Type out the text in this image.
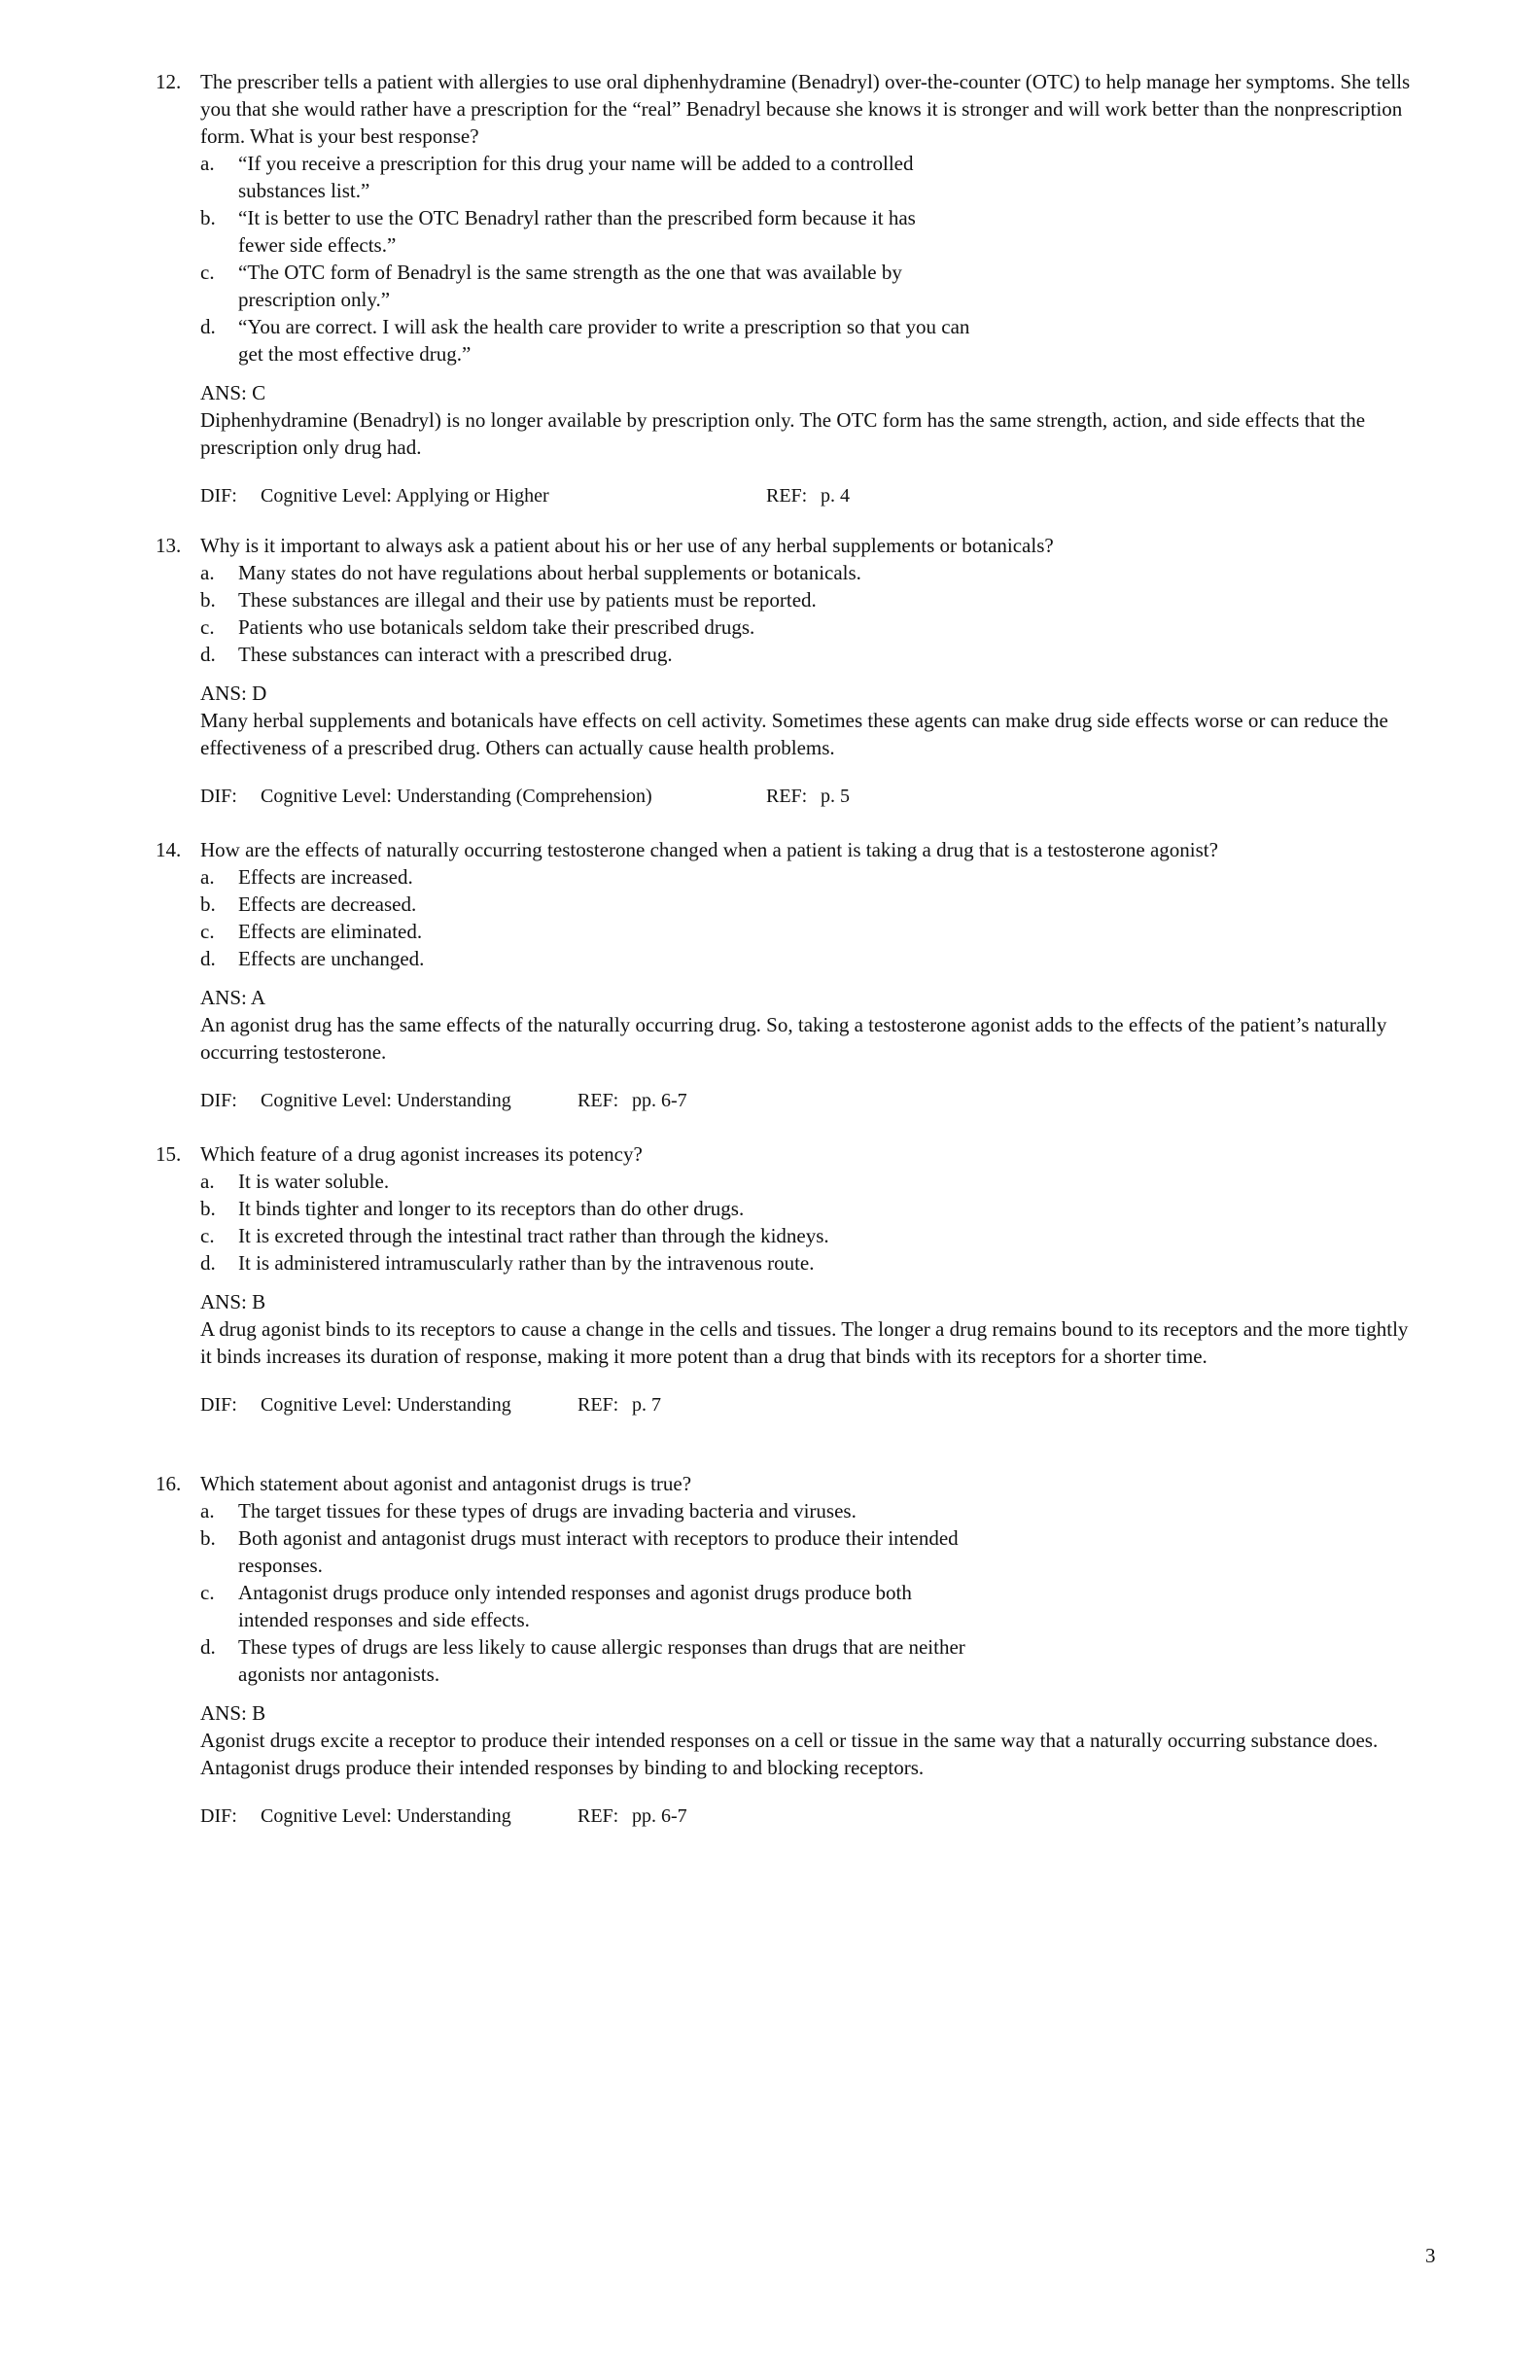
12. The prescriber tells a patient with allergies to use oral diphenhydramine (Benadryl) over-the-counter (OTC) to help manage her symptoms. She tells you that she would rather have a prescription for the “real” Benadryl because she knows it is stronger and will work better than the nonprescription form. What is your best response?
a. “If you receive a prescription for this drug your name will be added to a controlled substances list.”
b. “It is better to use the OTC Benadryl rather than the prescribed form because it has fewer side effects.”
c. “The OTC form of Benadryl is the same strength as the one that was available by prescription only.”
d. “You are correct. I will ask the health care provider to write a prescription so that you can get the most effective drug.”
ANS: C
Diphenhydramine (Benadryl) is no longer available by prescription only. The OTC form has the same strength, action, and side effects that the prescription only drug had.
DIF: Cognitive Level: Applying or Higher	REF: p. 4
13. Why is it important to always ask a patient about his or her use of any herbal supplements or botanicals?
a. Many states do not have regulations about herbal supplements or botanicals.
b. These substances are illegal and their use by patients must be reported.
c. Patients who use botanicals seldom take their prescribed drugs.
d. These substances can interact with a prescribed drug.
ANS: D
Many herbal supplements and botanicals have effects on cell activity. Sometimes these agents can make drug side effects worse or can reduce the effectiveness of a prescribed drug. Others can actually cause health problems.
DIF: Cognitive Level: Understanding (Comprehension)	REF: p. 5
14. How are the effects of naturally occurring testosterone changed when a patient is taking a drug that is a testosterone agonist?
a. Effects are increased.
b. Effects are decreased.
c. Effects are eliminated.
d. Effects are unchanged.
ANS: A
An agonist drug has the same effects of the naturally occurring drug. So, taking a testosterone agonist adds to the effects of the patient’s naturally occurring testosterone.
DIF: Cognitive Level: Understanding	REF: pp. 6-7
15. Which feature of a drug agonist increases its potency?
a. It is water soluble.
b. It binds tighter and longer to its receptors than do other drugs.
c. It is excreted through the intestinal tract rather than through the kidneys.
d. It is administered intramuscularly rather than by the intravenous route.
ANS: B
A drug agonist binds to its receptors to cause a change in the cells and tissues. The longer a drug remains bound to its receptors and the more tightly it binds increases its duration of response, making it more potent than a drug that binds with its receptors for a shorter time.
DIF: Cognitive Level: Understanding	REF: p. 7
16. Which statement about agonist and antagonist drugs is true?
a. The target tissues for these types of drugs are invading bacteria and viruses.
b. Both agonist and antagonist drugs must interact with receptors to produce their intended responses.
c. Antagonist drugs produce only intended responses and agonist drugs produce both intended responses and side effects.
d. These types of drugs are less likely to cause allergic responses than drugs that are neither agonists nor antagonists.
ANS: B
Agonist drugs excite a receptor to produce their intended responses on a cell or tissue in the same way that a naturally occurring substance does. Antagonist drugs produce their intended responses by binding to and blocking receptors.
DIF: Cognitive Level: Understanding	REF: pp. 6-7
3
